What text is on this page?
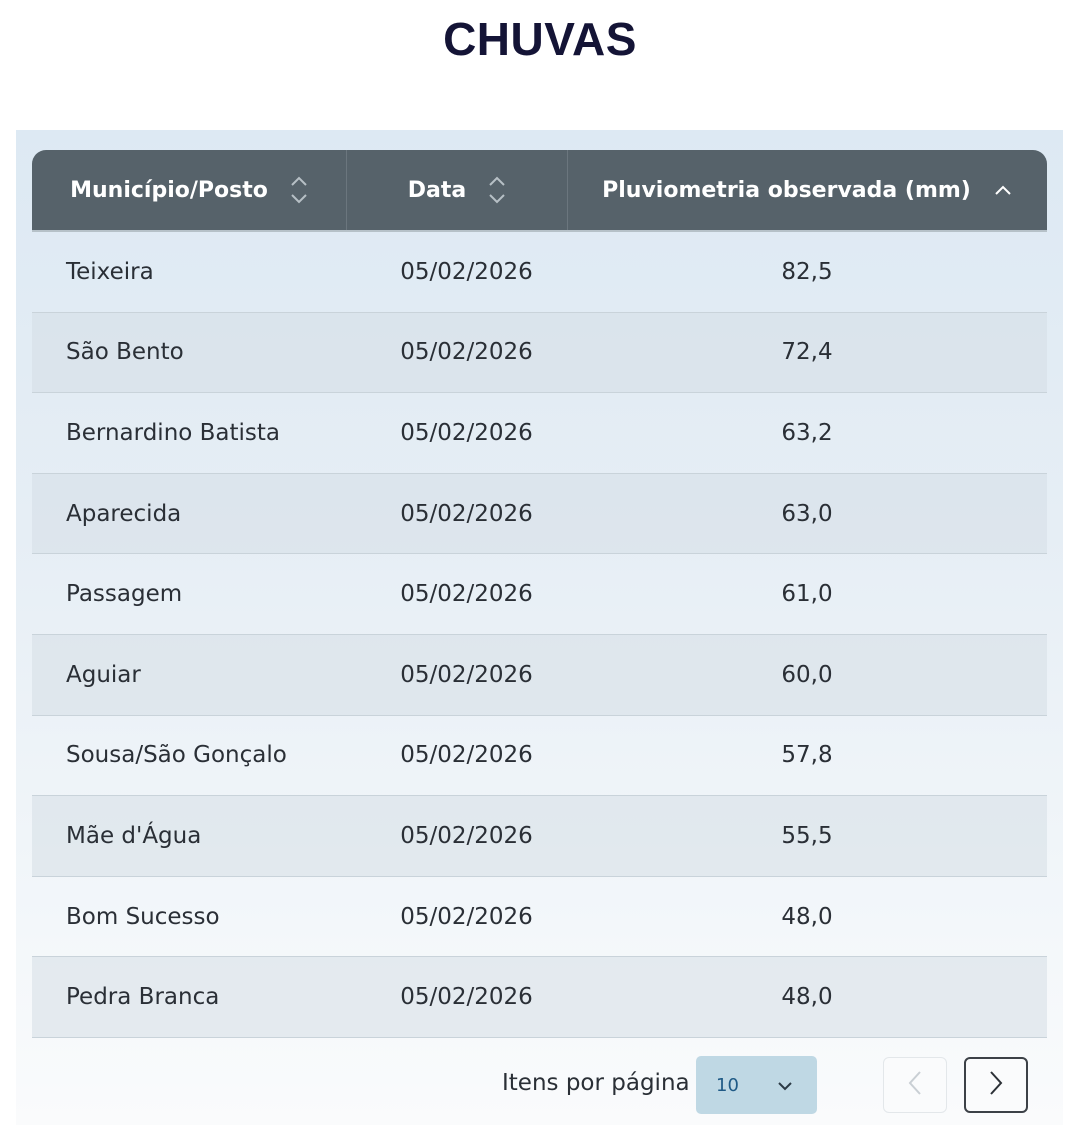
CHUVAS
Município/Posto	Data	Pluviometria observada (mm)
Teixeira	05/02/2026	82,5
São Bento	05/02/2026	72,4
Bernardino Batista	05/02/2026	63,2
Aparecida	05/02/2026	63,0
Passagem	05/02/2026	61,0
Aguiar	05/02/2026	60,0
Sousa/São Gonçalo	05/02/2026	57,8
Mãe d'Água	05/02/2026	55,5
Bom Sucesso	05/02/2026	48,0
Pedra Branca	05/02/2026	48,0
Itens por página 10
